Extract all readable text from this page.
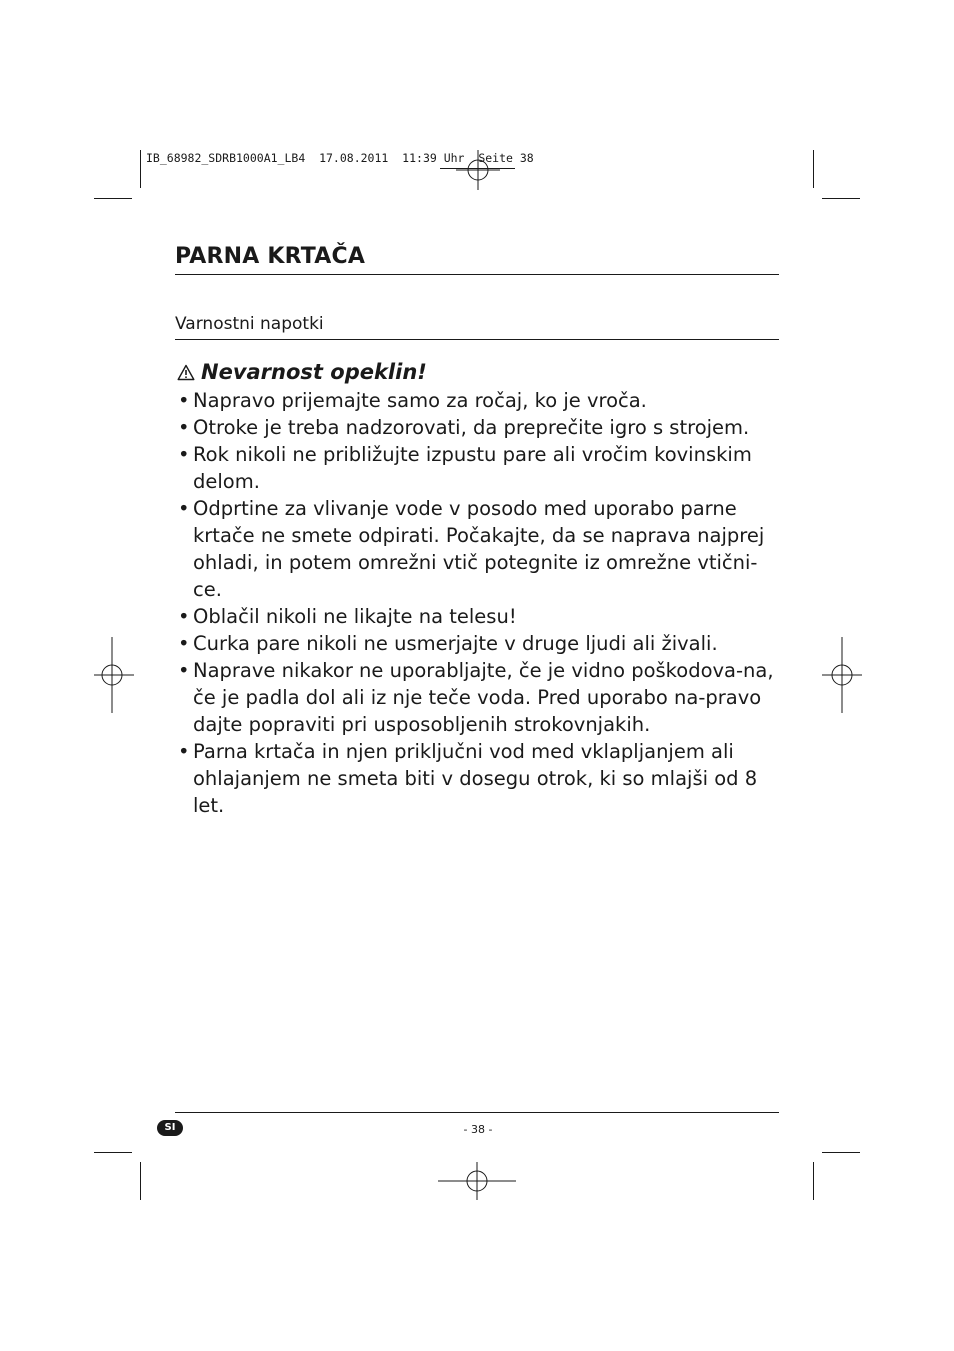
IB_68982_SDRB1000A1_LB4  17.08.2011  11:39 Uhr  Seite 38
PARNA KRTAČA
Varnostni napotki
Nevarnost opeklin!
• Napravo prijemajte samo za ročaj, ko je vroča.
• Otroke je treba nadzorovati, da preprečite igro s strojem.
• Rok nikoli ne približujte izpustu pare ali vročim kovinskim delom.
• Odprtine za vlivanje vode v posodo med uporabo parne krtače ne smete odpirati. Počakajte, da se naprava najprej ohladi, in potem omrežni vtič potegnite iz omrežne vtični-ce.
• Oblačil nikoli ne likajte na telesu!
• Curka pare nikoli ne usmerjajte v druge ljudi ali živali.
• Naprave nikakor ne uporabljajte, če je vidno poškodova-na, če je padla dol ali iz nje teče voda. Pred uporabo na-pravo dajte popraviti pri usposobljenih strokovnjakih.
• Parna krtača in njen priključni vod med vklapljanjem ali ohlajanjem ne smeta biti v dosegu otrok, ki so mlajši od 8 let.
SI	- 38 -
